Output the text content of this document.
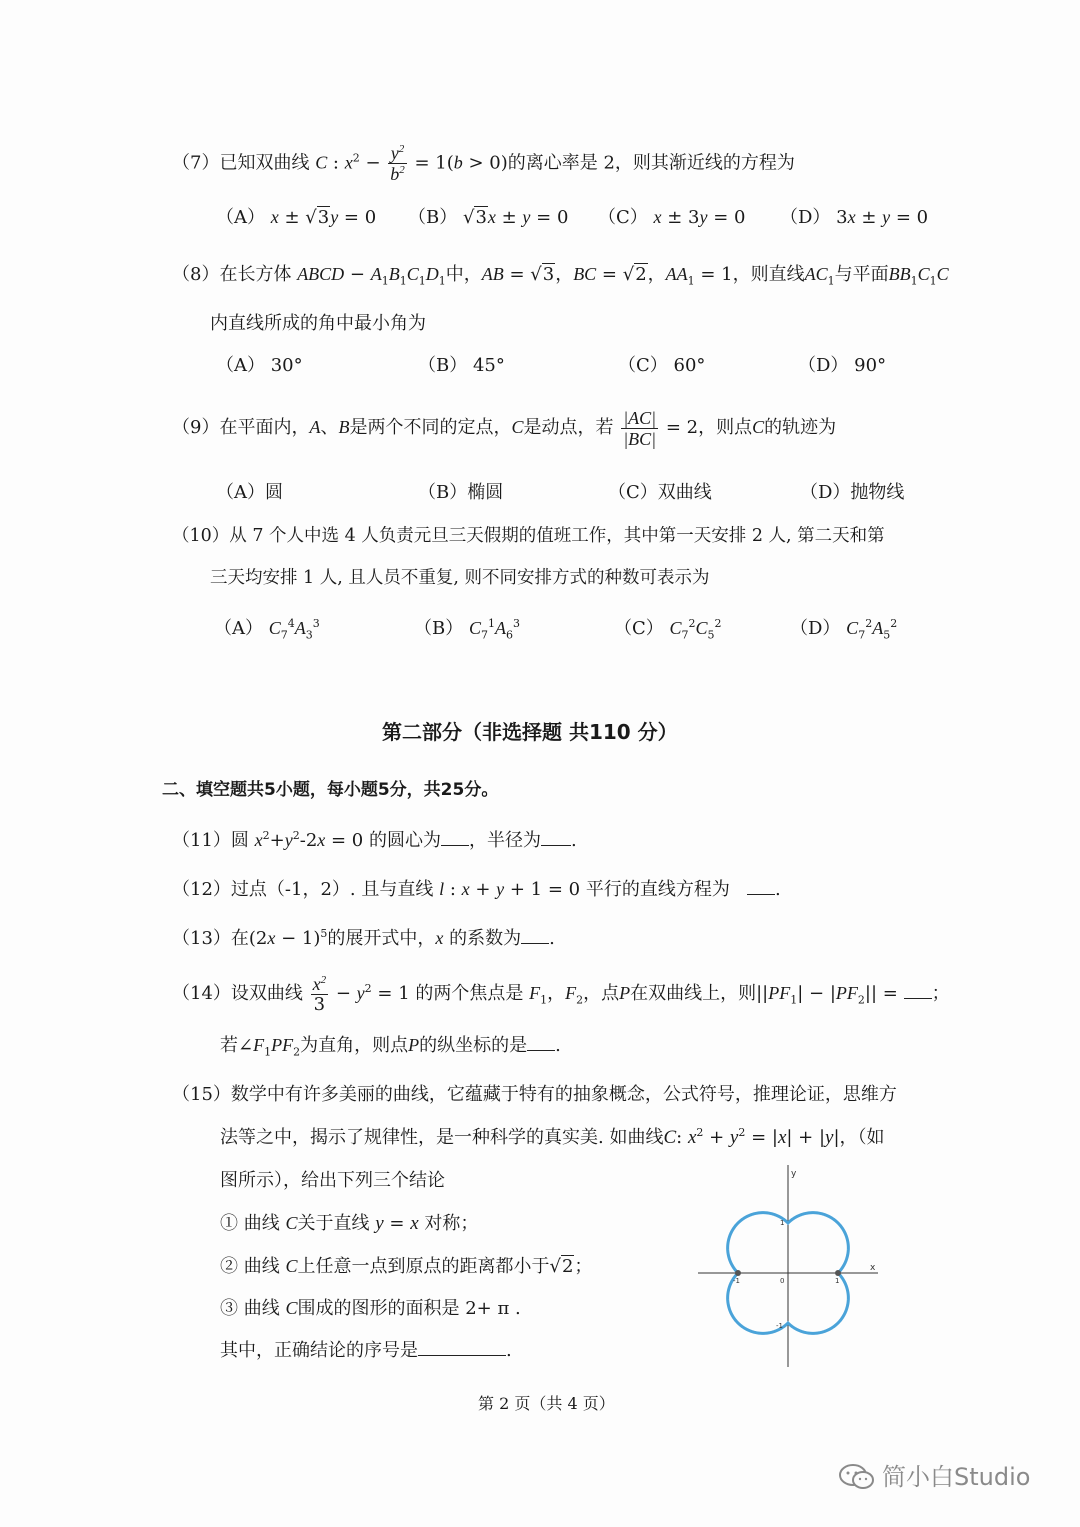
（7）已知双曲线 C : $x^2 - \frac{y^2}{b^2} = 1(b > 0)$的离心率是 2，则其渐近线的方程为
（A） x ± √3y = 0 （B） √3x ± y = 0 （C） x ± 3y = 0 （D） 3x ± y = 0
（8）在长方体 ABCD − $A_1B_1C_1D_1$中，AB = √3，BC = √2，$AA_1 = 1$，则直线$AC_1$与平面$BB_1C_1C$
内直线所成的角中最小角为
（A） 30°	（B） 45°	（C） 60°	（D） 90°
（9）在平面内，A、B是两个不同的定点，C是动点，若 $\frac{|AC|}{|BC|} = 2$，则点C的轨迹为
（A）圆	（B）椭圆	（C）双曲线	（D）抛物线
（10）从 7 个人中选 4 人负责元旦三天假期的值班工作，其中第一天安排 2 人, 第二天和第
三天均安排 1 人, 且人员不重复, 则不同安排方式的种数可表示为
（A） $C_7^4A_3^3$	（B） $C_7^1A_6^3$	（C） $C_7^2C_5^2$	（D） $C_7^2A_5^2$
第二部分（非选择题 共110 分）
二、填空题共5小题，每小题5分，共25分。
（11）圆 $x^2+y^2-2x = 0$ 的圆心为 ，半径为 .
（12）过点（-1，2）. 且与直线 l : x + y + 1 = 0 平行的直线方程为	.
（13）在$(2x - 1)^5$的展开式中，x 的系数为 .
（14）设双曲线 $\frac{x^2}{3} - y^2 = 1$ 的两个焦点是 $F_1$，$F_2$，点P在双曲线上，则$||PF_1| - |PF_2||$ = ；
若$\angle F_1PF_2$为直角，则点P的纵坐标的是 .
（15）数学中有许多美丽的曲线，它蕴藏于特有的抽象概念，公式符号，推理论证，思维方
法等之中，揭示了规律性，是一种科学的真实美. 如曲线C: $x^2 + y^2 = |x| + |y|$，（如
图所示），给出下列三个结论
① 曲线 C关于直线 y = x 对称；
② 曲线 C上任意一点到原点的距离都小于√2；
③ 曲线 C围成的图形的面积是 2+ π .
其中，正确结论的序号是	.
x
y
0
-1	1
1
-1
第 2 页（共 4 页）
简小白Studio
